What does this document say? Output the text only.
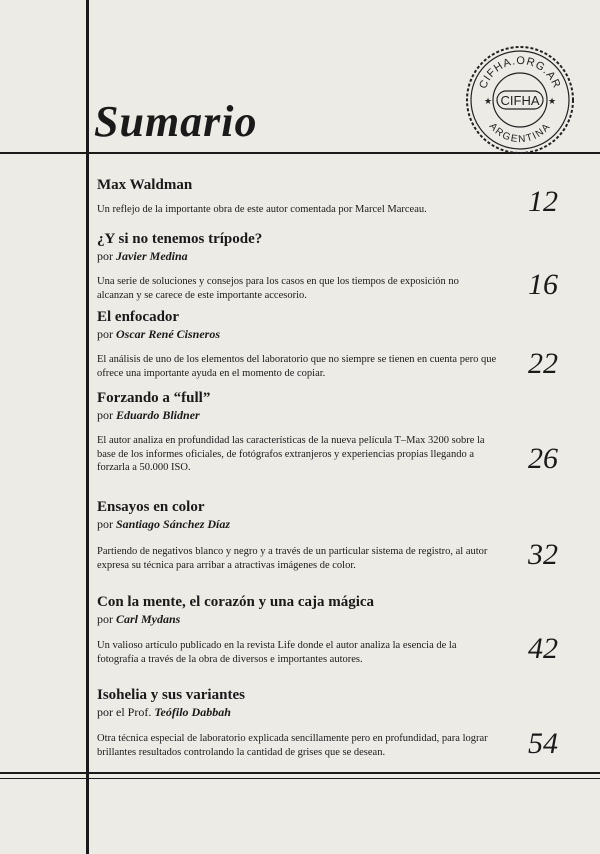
Sumario
CIFHA.ORG.AR
ARGENTINA
CIFHA
★	★
Max Waldman

Un reflejo de la importante obra de este autor comentada por Marcel Marceau.	12
¿Y si no tenemos trípode?
por Javier Medina

Una serie de soluciones y consejos para los casos en que los tiempos de exposición no alcanzan y se carece de este importante accesorio.	16
El enfocador
por Oscar René Cisneros

El análisis de uno de los elementos del laboratorio que no siempre se tienen en cuenta pero que ofrece una importante ayuda en el momento de copiar.	22
Forzando a “full”
por Eduardo Blidner

El autor analiza en profundidad las características de la nueva película T–Max 3200 sobre la base de los informes oficiales, de fotógrafos extranjeros y experiencias propias llegando a forzarla a 50.000 ISO.	26
Ensayos en color
por Santiago Sánchez Díaz

Partiendo de negativos blanco y negro y a través de un particular sistema de registro, al autor expresa su técnica para arribar a atractivas imágenes de color.	32
Con la mente, el corazón y una caja mágica
por Carl Mydans

Un valioso artículo publicado en la revista Life donde el autor analiza la esencia de la fotografía a través de la obra de diversos e importantes autores.	42
Isohelia y sus variantes
por el Prof. Teófilo Dabbah

Otra técnica especial de laboratorio explicada sencillamente pero en profundidad, para lograr brillantes resultados controlando la cantidad de grises que se desean.	54
